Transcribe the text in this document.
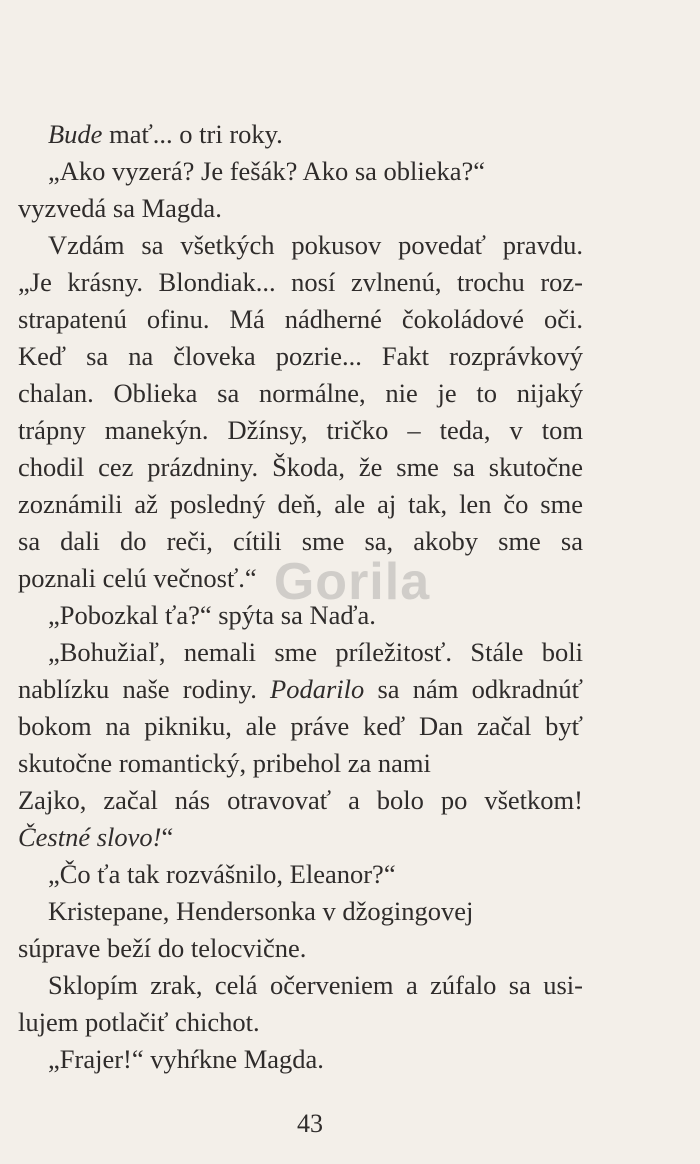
Bude mať... o tri roky.
„Ako vyzerá? Je fešák? Ako sa oblieka?“
vyzvedá sa Magda.
Vzdám sa všetkých pokusov povedať pravdu.
„Je krásny. Blondiak... nosí zvlnenú, trochu roz-
strapatenú ofinu. Má nádherné čokoládové oči.
Keď sa na človeka pozrie... Fakt rozprávkový
chalan. Oblieka sa normálne, nie je to nijaký
trápny manekýn. Džínsy, tričko – teda, v tom
chodil cez prázdniny. Škoda, že sme sa skutočne
zoznámili až posledný deň, ale aj tak, len čo sme
sa dali do reči, cítili sme sa, akoby sme sa
poznali celú večnosť.“
„Pobozkal ťa?“ spýta sa Naďa.
„Bohužiaľ, nemali sme príležitosť. Stále boli
nablízku naše rodiny. Podarilo sa nám odkradnúť
bokom na pikniku, ale práve keď Dan začal byť
skutočne romantický, pribehol za nami
Zajko, začal nás otravovať a bolo po všetkom!
Čestné slovo!“
„Čo ťa tak rozvášnilo, Eleanor?“
Kristepane, Hendersonka v džogingovej
súprave beží do telocvične.
Sklopím zrak, celá očerveniem a zúfalo sa usi-
lujem potlačiť chichot.
„Frajer!“ vyhŕkne Magda.
Gorila
43
